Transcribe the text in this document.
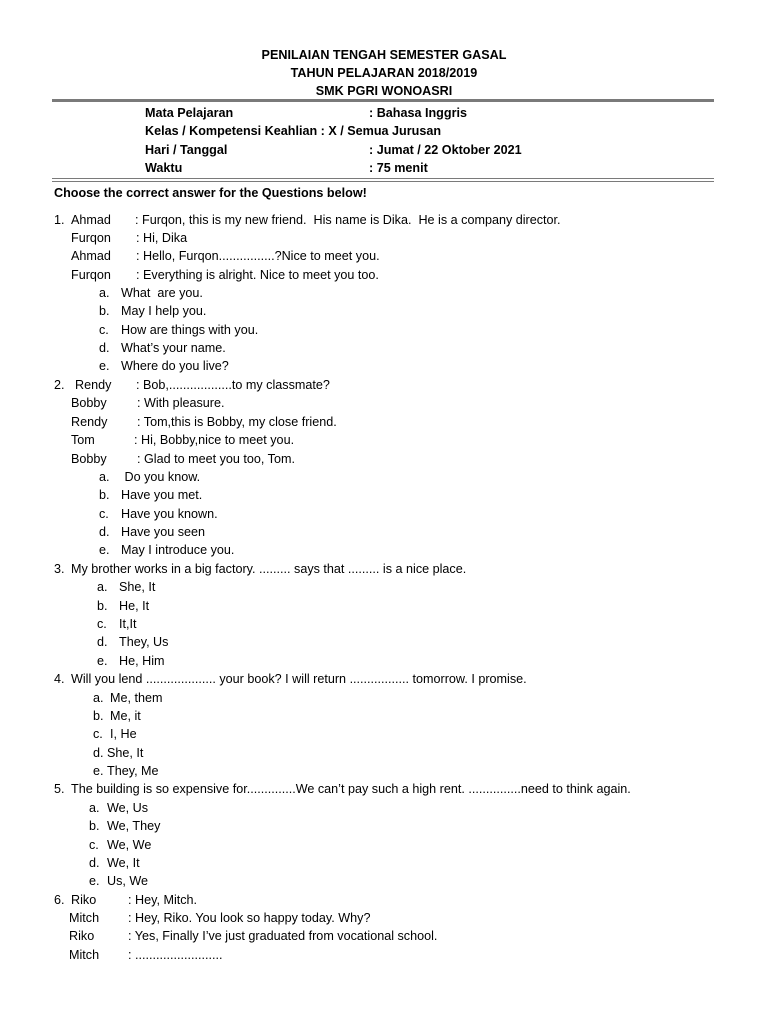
PENILAIAN TENGAH SEMESTER GASAL
TAHUN PELAJARAN 2018/2019
SMK PGRI WONOASRI
Mata Pelajaran	: Bahasa Inggris
Kelas / Kompetensi Keahlian : X / Semua Jurusan
Hari / Tanggal	: Jumat / 22 Oktober 2021
Waktu	: 75 menit
Choose the correct answer for the Questions below!
1. Ahmad : Furqon, this is my new friend.  His name is Dika.  He is a company director.
Furqon : Hi, Dika
Ahmad : Hello, Furqon................?Nice to meet you.
Furqon : Everything is alright. Nice to meet you too.
a. What  are you.
b. May I help you.
c. How are things with you.
d. What’s your name.
e. Where do you live?
2. Rendy : Bob,..................to my classmate?
Bobby : With pleasure.
Rendy : Tom,this is Bobby, my close friend.
Tom	: Hi, Bobby,nice to meet you.
Bobby : Glad to meet you too, Tom.
a. Do you know.
b. Have you met.
c. Have you known.
d. Have you seen
e. May I introduce you.
3. My brother works in a big factory. ......... says that ......... is a nice place.
a. She, It
b. He, It
c. It,It
d. They, Us
e. He, Him
4. Will you lend .................... your book? I will return ................. tomorrow. I promise.
a. Me, them
b. Me, it
c. I, He
d. She, It
e. They, Me
5. The building is so expensive for..............We can’t pay such a high rent. ...............need to think again.
a. We, Us
b. We, They
c. We, We
d. We, It
e. Us, We
6. Riko	: Hey, Mitch.
Mitch : Hey, Riko. You look so happy today. Why?
Riko	: Yes, Finally I’ve just graduated from vocational school.
Mitch : .........................
